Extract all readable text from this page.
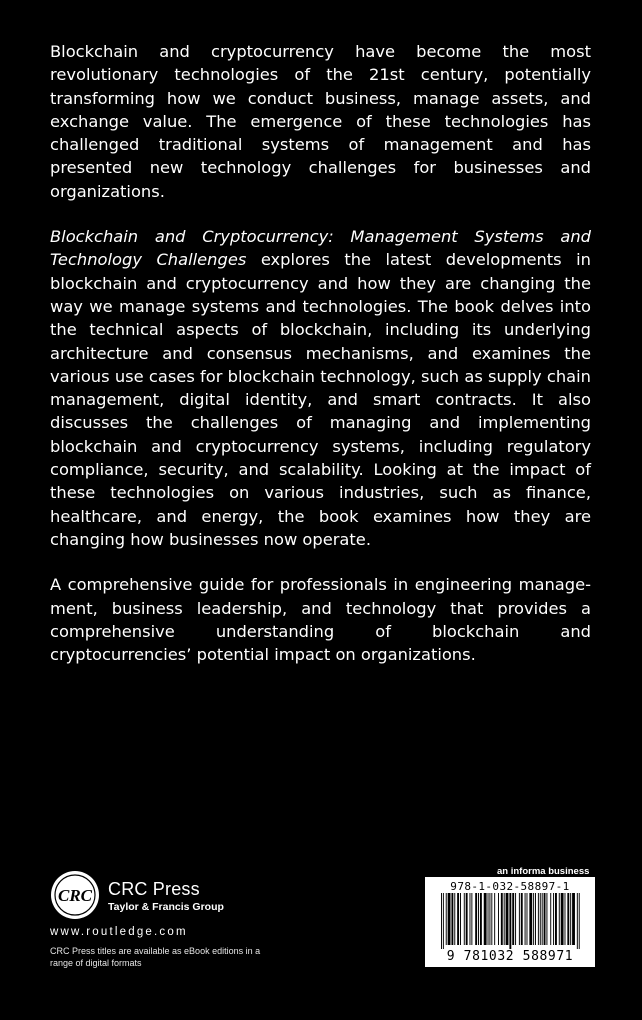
Blockchain and cryptocurrency have become the most revolutionary technologies of the 21st century, potentially transforming how we conduct business, manage assets, and exchange value. The emergence of these technologies has challenged traditional systems of management and has presented new technology challenges for businesses and organizations.

Blockchain and Cryptocurrency: Management Systems and Technology Challenges explores the latest developments in blockchain and cryptocurrency and how they are changing the way we manage systems and technologies. The book delves into the technical aspects of blockchain, including its underlying architecture and consensus mechanisms, and examines the various use cases for blockchain technology, such as supply chain management, digital identity, and smart contracts. It also discusses the challenges of managing and implementing blockchain and cryptocurrency systems, including regulatory compliance, security, and scalability. Looking at the impact of these technologies on various industries, such as finance, healthcare, and energy, the book examines how they are changing how businesses now operate.

A comprehensive guide for professionals in engineering management, business leadership, and technology that provides a comprehensive understanding of blockchain and cryptocurrencies’ potential impact on organizations.

CRC CRC Press
Taylor & Francis Group
www.routledge.com
CRC Press titles are available as eBook editions in a range of digital formats
an informa business
978-1-032-58897-1
9 781032 588971
